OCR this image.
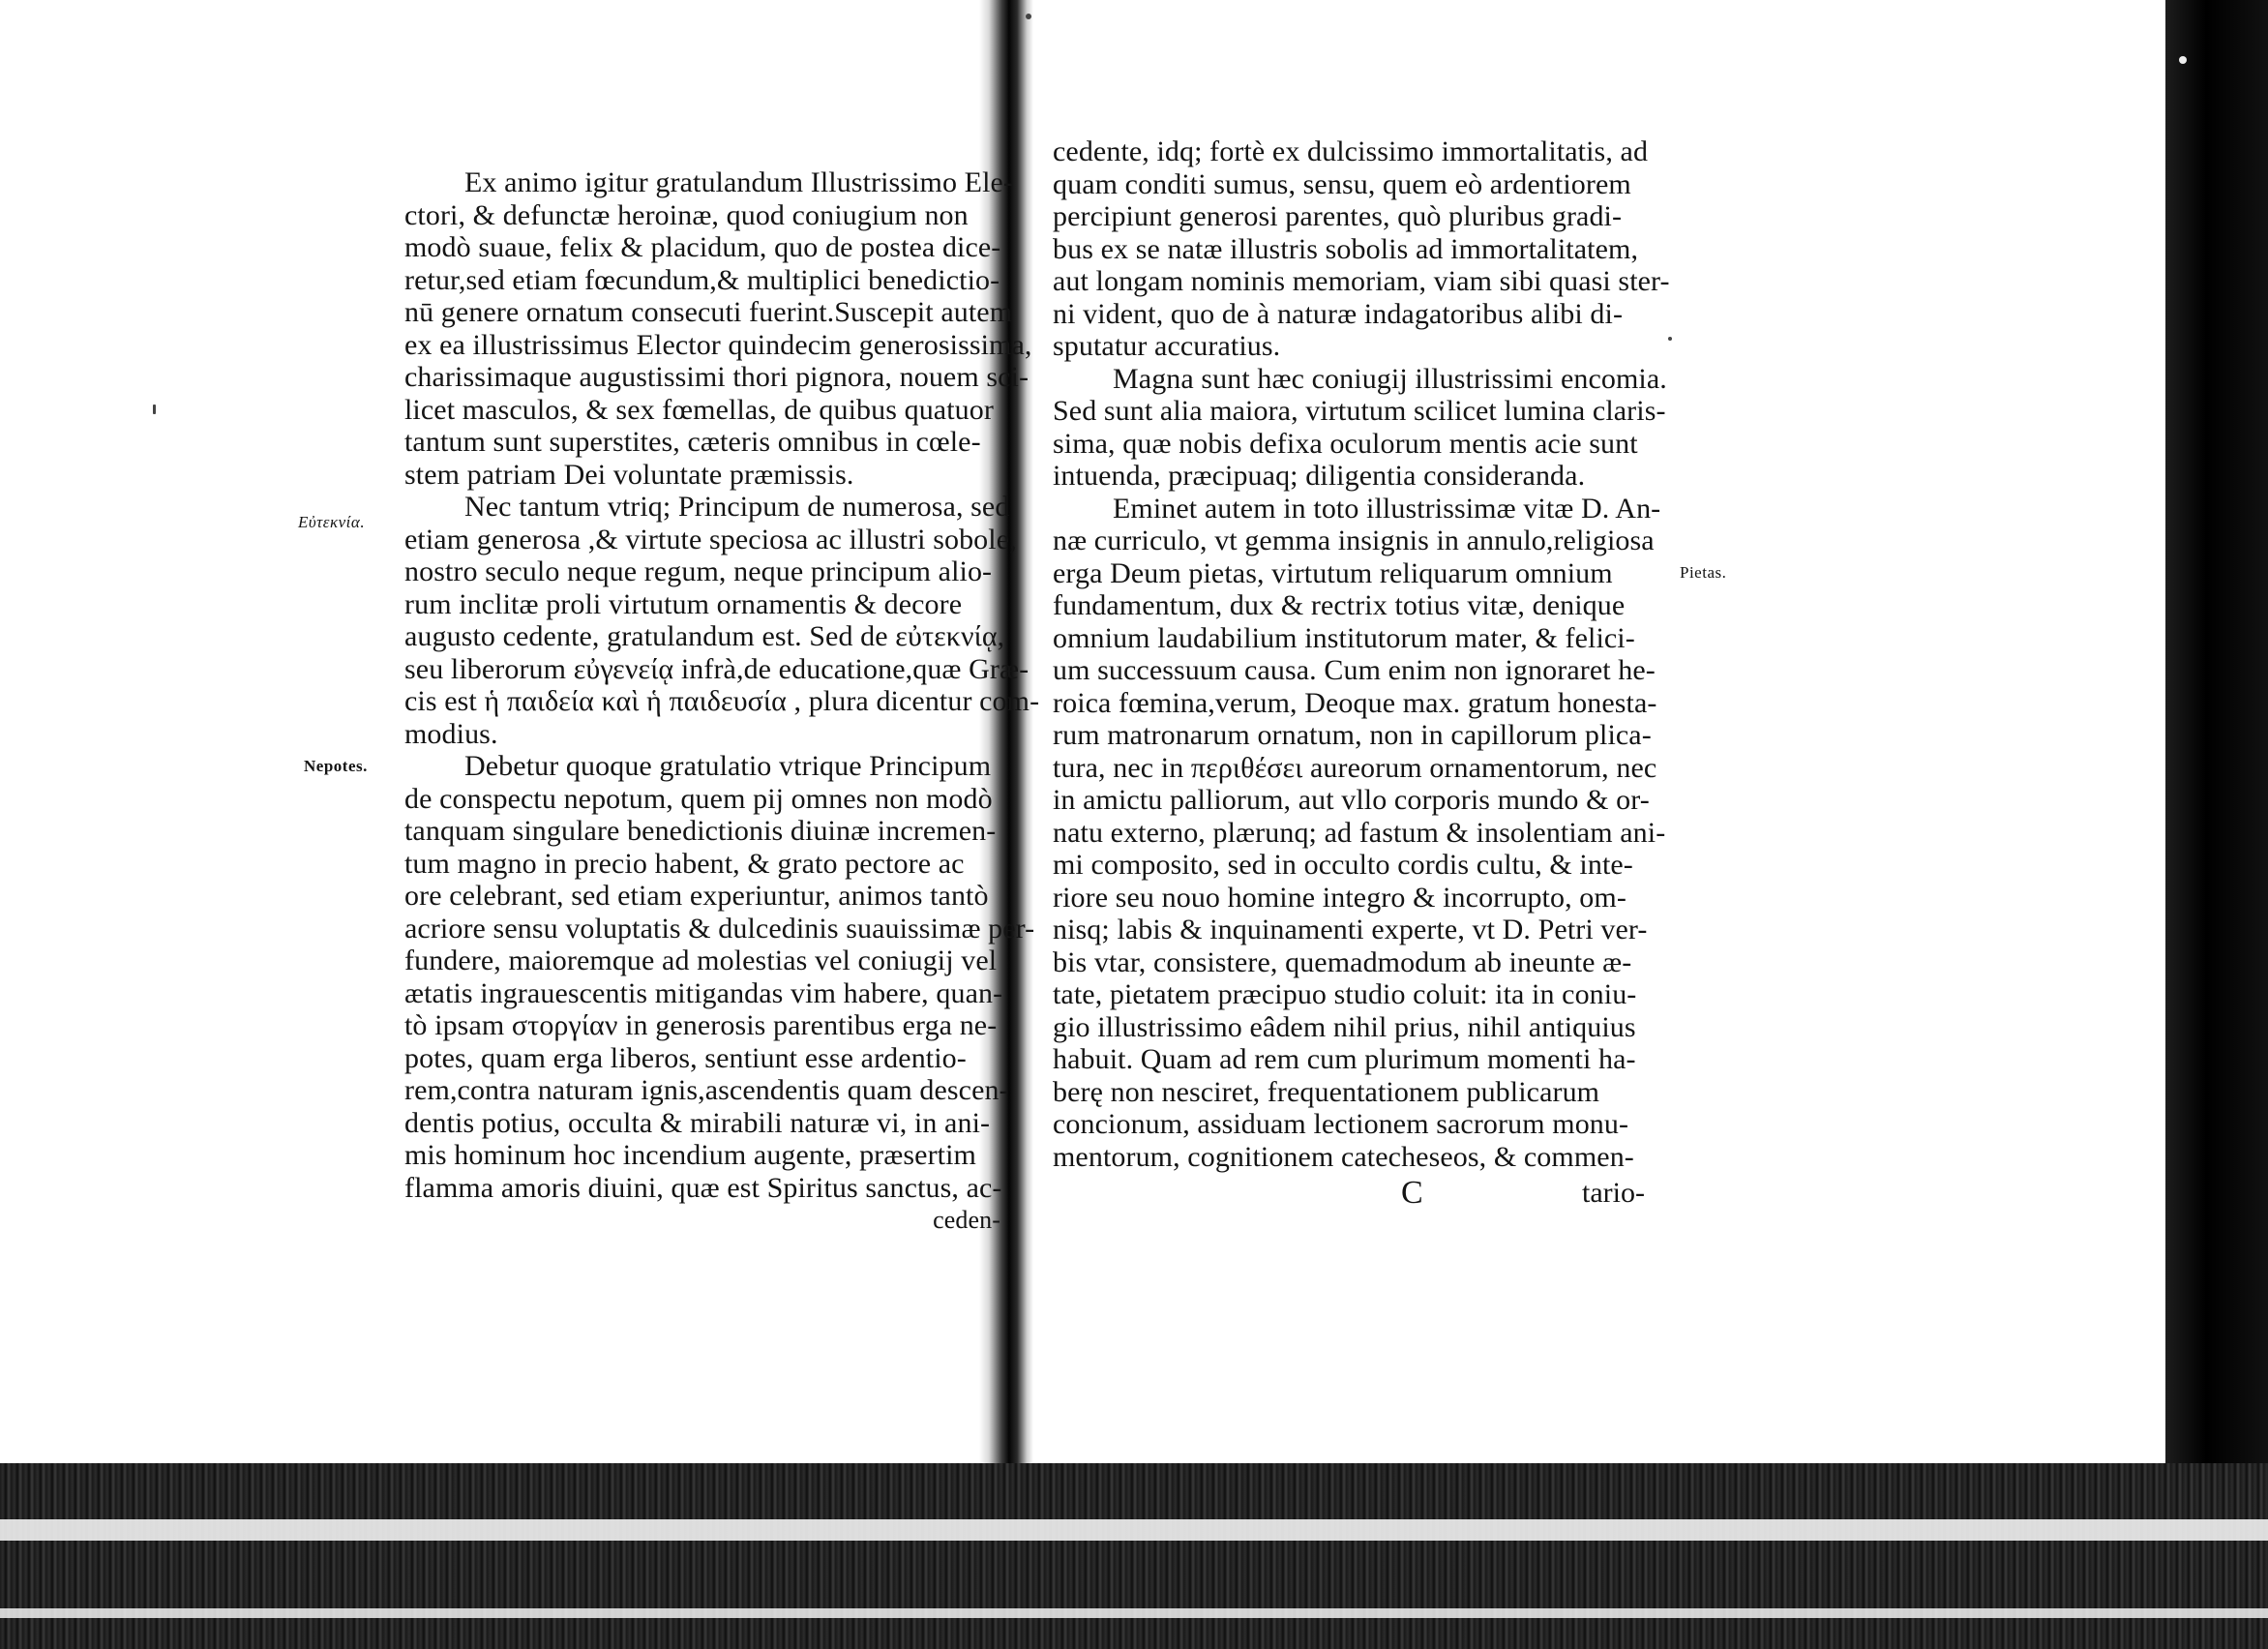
Εὐτεκνία.
Nepotes.
Ex animo igitur gratulandum Illustrissimo Ele-
ctori, & defunctæ heroinæ, quod coniugium non
modò suaue, felix & placidum, quo de postea dice-
retur,sed etiam fœcundum,& multiplici benedictio-
nū genere ornatum consecuti fuerint.Suscepit autem
ex ea illustrissimus Elector quindecim generosissima,
charissimaque augustissimi thori pignora, nouem sci-
licet masculos, & sex fœmellas, de quibus quatuor
tantum sunt superstites, cæteris omnibus in cœle-
stem patriam Dei voluntate præmissis.
Nec tantum vtriq; Principum de numerosa, sed
etiam generosa ,& virtute speciosa ac illustri sobole,
nostro seculo neque regum, neque principum alio-
rum inclitæ proli virtutum ornamentis & decore
augusto cedente, gratulandum est. Sed de εὐτεκνίᾳ,
seu liberorum εὐγενείᾳ infrà,de educatione,quæ Græ-
cis est ἡ παιδεία καὶ ἡ παιδευσία , plura dicentur com-
modius.
Debetur quoque gratulatio vtrique Principum
de conspectu nepotum, quem pij omnes non modò
tanquam singulare benedictionis diuinæ incremen-
tum magno in precio habent, & grato pectore ac
ore celebrant, sed etiam experiuntur, animos tantò
acriore sensu voluptatis & dulcedinis suauissimæ per-
fundere, maioremque ad molestias vel coniugij vel
ætatis ingrauescentis mitigandas vim habere, quan-
tò ipsam στοργίαν in generosis parentibus erga ne-
potes, quam erga liberos, sentiunt esse ardentio-
rem,contra naturam ignis,ascendentis quam descen-
dentis potius, occulta & mirabili naturæ vi, in ani-
mis hominum hoc incendium augente, præsertim
flamma amoris diuini, quæ est Spiritus sanctus, ac-
ceden-
Pietas.
cedente, idq; fortè ex dulcissimo immortalitatis, ad
quam conditi sumus, sensu, quem eò ardentiorem
percipiunt generosi parentes, quò pluribus gradi-
bus ex se natæ illustris sobolis ad immortalitatem,
aut longam nominis memoriam, viam sibi quasi ster-
ni vident, quo de à naturæ indagatoribus alibi di-
sputatur accuratius.
Magna sunt hæc coniugij illustrissimi encomia.
Sed sunt alia maiora, virtutum scilicet lumina claris-
sima, quæ nobis defixa oculorum mentis acie sunt
intuenda, præcipuaq; diligentia consideranda.
Eminet autem in toto illustrissimæ vitæ D. An-
næ curriculo, vt gemma insignis in annulo,religiosa
erga Deum pietas, virtutum reliquarum omnium
fundamentum, dux & rectrix totius vitæ, denique
omnium laudabilium institutorum mater, & felici-
um successuum causa. Cum enim non ignoraret he-
roica fœmina,verum, Deoque max. gratum honesta-
rum matronarum ornatum, non in capillorum plica-
tura, nec in περιθέσει aureorum ornamentorum, nec
in amictu palliorum, aut vllo corporis mundo & or-
natu externo, plærunq; ad fastum & insolentiam ani-
mi composito, sed in occulto cordis cultu, & inte-
riore seu nouo homine integro & incorrupto, om-
nisq; labis & inquinamenti experte, vt D. Petri ver-
bis vtar, consistere, quemadmodum ab ineunte æ-
tate, pietatem præcipuo studio coluit: ita in coniu-
gio illustrissimo eâdem nihil prius, nihil antiquius
habuit. Quam ad rem cum plurimum momenti ha-
berę non nesciret, frequentationem publicarum
concionum, assiduam lectionem sacrorum monu-
mentorum, cognitionem catecheseos, & commen-
C	tario-
